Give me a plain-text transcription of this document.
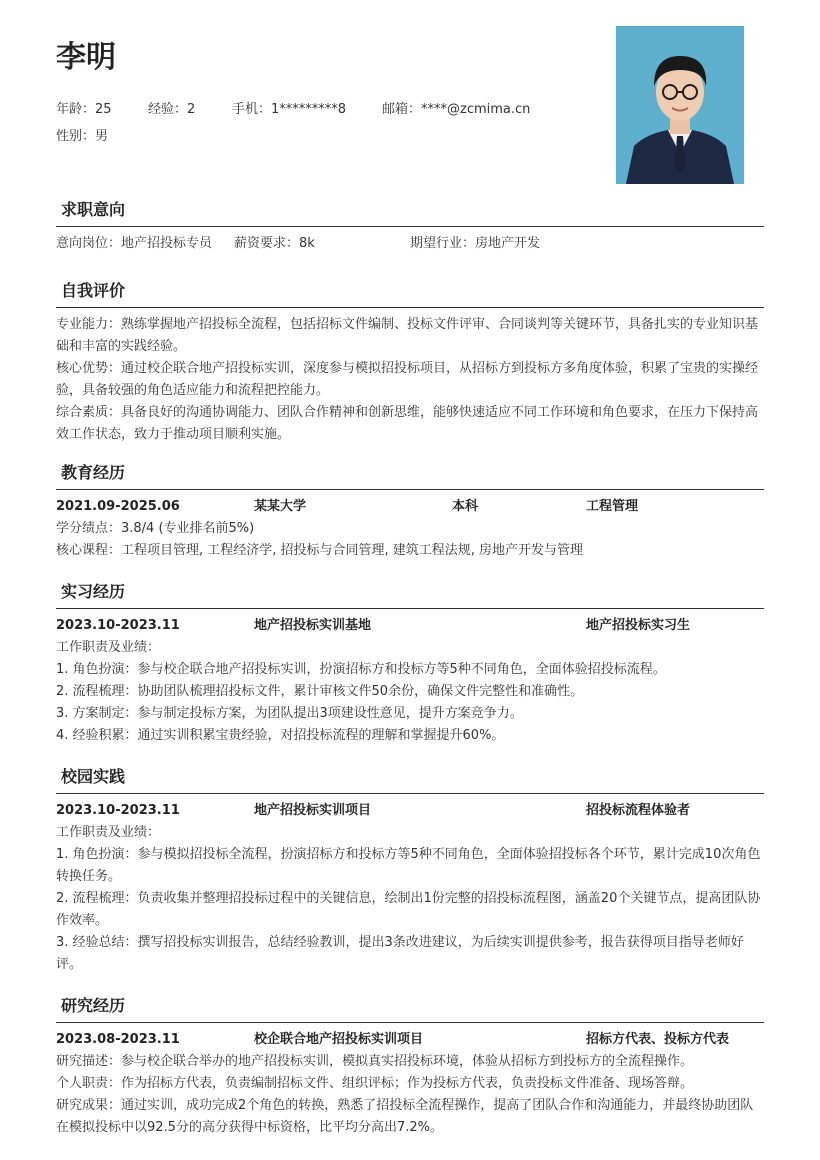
李明
年龄：25	经验：2	手机：1*********8	邮箱：****@zcmima.cn
性别：男
求职意向
意向岗位：地产招投标专员 薪资要求：8k	期望行业：房地产开发
自我评价
专业能力：熟练掌握地产招投标全流程，包括招标文件编制、投标文件评审、合同谈判等关键环节，具备扎实的专业知识基础和丰富的实践经验。
核心优势：通过校企联合地产招投标实训，深度参与模拟招投标项目，从招标方到投标方多角度体验，积累了宝贵的实操经验，具备较强的角色适应能力和流程把控能力。
综合素质：具备良好的沟通协调能力、团队合作精神和创新思维，能够快速适应不同工作环境和角色要求，在压力下保持高效工作状态，致力于推动项目顺利实施。
教育经历
2021.09-2025.06	某某大学	本科	工程管理
学分绩点：3.8/4 (专业排名前5%)
核心课程：工程项目管理, 工程经济学, 招投标与合同管理, 建筑工程法规, 房地产开发与管理
实习经历
2023.10-2023.11	地产招投标实训基地	地产招投标实习生
工作职责及业绩：
1. 角色扮演：参与校企联合地产招投标实训，扮演招标方和投标方等5种不同角色，全面体验招投标流程。
2. 流程梳理：协助团队梳理招投标文件，累计审核文件50余份，确保文件完整性和准确性。
3. 方案制定：参与制定投标方案，为团队提出3项建设性意见，提升方案竞争力。
4. 经验积累：通过实训积累宝贵经验，对招投标流程的理解和掌握提升60%。
校园实践
2023.10-2023.11	地产招投标实训项目	招投标流程体验者
工作职责及业绩：
1. 角色扮演：参与模拟招投标全流程，扮演招标方和投标方等5种不同角色，全面体验招投标各个环节，累计完成10次角色转换任务。
2. 流程梳理：负责收集并整理招投标过程中的关键信息，绘制出1份完整的招投标流程图，涵盖20个关键节点，提高团队协作效率。
3. 经验总结：撰写招投标实训报告，总结经验教训，提出3条改进建议，为后续实训提供参考，报告获得项目指导老师好评。
研究经历
2023.08-2023.11	校企联合地产招投标实训项目	招标方代表、投标方代表
研究描述：参与校企联合举办的地产招投标实训，模拟真实招投标环境，体验从招标方到投标方的全流程操作。
个人职责：作为招标方代表，负责编制招标文件、组织评标；作为投标方代表，负责投标文件准备、现场答辩。
研究成果：通过实训，成功完成2个角色的转换，熟悉了招投标全流程操作，提高了团队合作和沟通能力，并最终协助团队在模拟投标中以92.5分的高分获得中标资格，比平均分高出7.2%。
